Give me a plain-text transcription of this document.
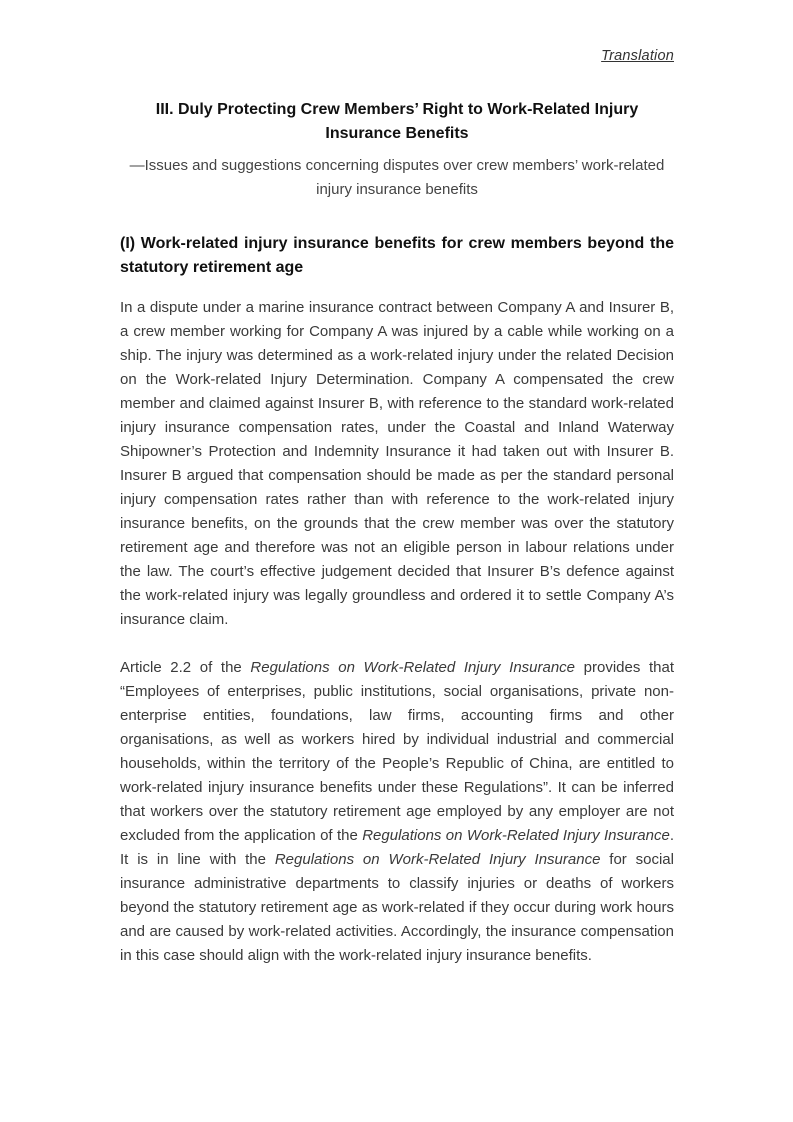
Translation
III. Duly Protecting Crew Members’ Right to Work-Related Injury Insurance Benefits
—Issues and suggestions concerning disputes over crew members’ work-related injury insurance benefits
(I) Work-related injury insurance benefits for crew members beyond the statutory retirement age
In a dispute under a marine insurance contract between Company A and Insurer B, a crew member working for Company A was injured by a cable while working on a ship. The injury was determined as a work-related injury under the related Decision on the Work-related Injury Determination. Company A compensated the crew member and claimed against Insurer B, with reference to the standard work-related injury insurance compensation rates, under the Coastal and Inland Waterway Shipowner’s Protection and Indemnity Insurance it had taken out with Insurer B. Insurer B argued that compensation should be made as per the standard personal injury compensation rates rather than with reference to the work-related injury insurance benefits, on the grounds that the crew member was over the statutory retirement age and therefore was not an eligible person in labour relations under the law. The court’s effective judgement decided that Insurer B’s defence against the work-related injury was legally groundless and ordered it to settle Company A’s insurance claim.
Article 2.2 of the Regulations on Work-Related Injury Insurance provides that “Employees of enterprises, public institutions, social organisations, private non-enterprise entities, foundations, law firms, accounting firms and other organisations, as well as workers hired by individual industrial and commercial households, within the territory of the People’s Republic of China, are entitled to work-related injury insurance benefits under these Regulations”. It can be inferred that workers over the statutory retirement age employed by any employer are not excluded from the application of the Regulations on Work-Related Injury Insurance. It is in line with the Regulations on Work-Related Injury Insurance for social insurance administrative departments to classify injuries or deaths of workers beyond the statutory retirement age as work-related if they occur during work hours and are caused by work-related activities. Accordingly, the insurance compensation in this case should align with the work-related injury insurance benefits.
